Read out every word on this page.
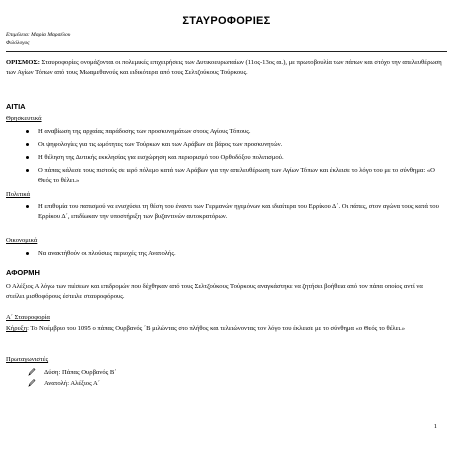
ΣΤΑΥΡΟΦΟΡΙΕΣ
Επιμέλεια: Μαρία Μαρσέλου
Φιλόλογος
ΟΡΙΣΜΟΣ: Σταυροφορίες ονομάζονται οι πολεμικές επιχειρήσεις των Δυτικοευρωπαίων (11ος-13ος αι.), με πρωτοβουλία των πάπων και στόχο την απελευθέρωση των Αγίων Τόπων από τους Μωαμεθανούς και ειδικότερα από τους Σελτζούκους Τούρκους.
ΑΙΤΙΑ
Θρησκευτικά
Η αναβίωση της αρχαίας παράδοσης των προσκυνημάτων στους Αγίους Τόπους.
Οι ψηφολογίες για τις ωμότητες των Τούρκων και των Αράβων σε βάρος των προσκυνητών.
Η θέληση της Δυτικής εκκλησίας για εισχώρηση και περιορισμό του Ορθοδόξου πολιτισμού.
Ο πάπας κάλεσε τους πιστούς σε ιερό πόλεμο κατά των Αράβων για την απελευθέρωση των Αγίων Τόπων και έκλεισε το λόγο του με το σύνθημα: «Ο Θεός το θέλει.»
Πολιτικά
Η επιθυμία του παπισμού να ενισχύσει τη θέση του έναντι των Γερμανών ηγεμόνων και ιδιαίτερα του Ερρίκου Δ΄. Οι πάπες, στον αγώνα τους κατά του Ερρίκου Δ΄, επιδίωκαν την υποστήριξη των βυζαντινών αυτοκρατόρων.
Οικονομικά
Να ανακτήθούν οι πλούσιες περιοχές της Ανατολής.
ΑΦΟΡΜΗ
Ο Αλέξιος Α λόγω των πιέσεων και επιδρομών που δέχθηκαν από τους Σελτζούκους Τούρκους αναγκάστηκε να ζητήσει βοήθεια από τον πάπα οποίος αντί να στείλει μισθοφόρους έστειλε σταυροφόρους.
Α΄ Σταυροφορία
Κήρυξη: Το Νοέμβριο του 1095 ο πάπας Ουρβανός ΄Β μιλώντας στο πλήθος και τελειώνοντας τον λόγο του έκλεισε με το σύνθημα «ο Θεός το θέλει.»
Πρωταγωνιστές
Δύση: Πάπας Ουρβανός Β΄
Ανατολή: Αλέξιος Α΄
1
